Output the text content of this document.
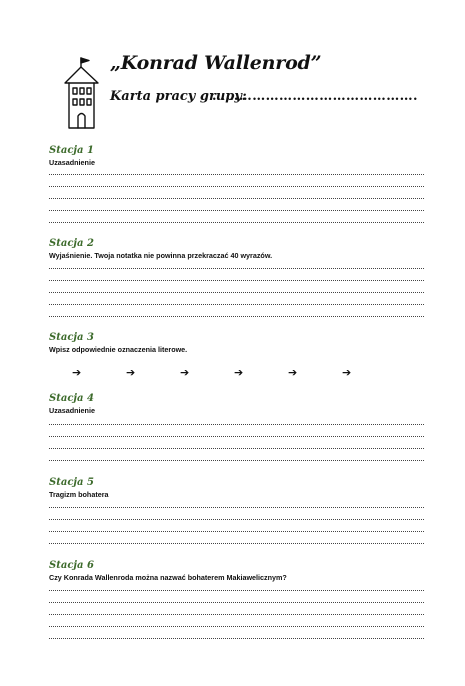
„Konrad Wallenrod”
Karta pracy grupy:
……………………………………….
Stacja 1
Uzasadnienie
Stacja 2
Wyjaśnienie. Twoja notatka nie powinna przekraczać 40 wyrazów.
Stacja 3
Wpisz odpowiednie oznaczenia literowe.
➔	➔	➔	➔	➔	➔
Stacja 4
Uzasadnienie
Stacja 5
Tragizm bohatera
Stacja 6
Czy Konrada Wallenroda można nazwać bohaterem Makiawelicznym?
